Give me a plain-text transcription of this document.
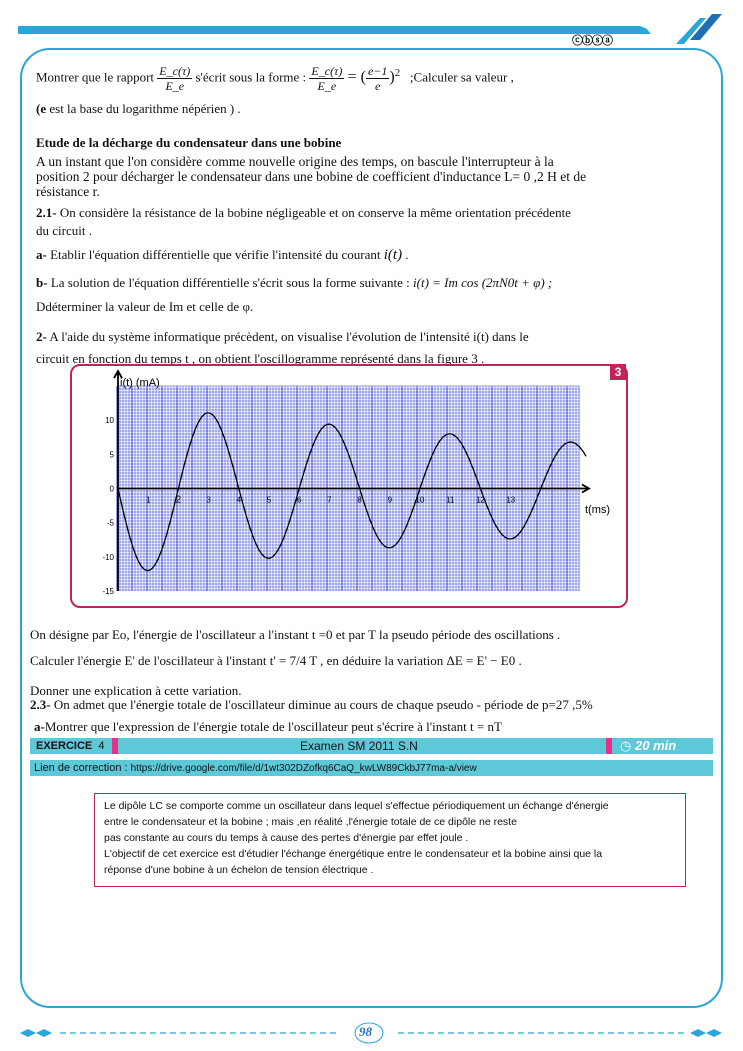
ⓒⓑⓢⓐ
Montrer que le rapport $\frac{E\_c(\tau)}{E\_e}$ s'écrit sous la forme : $\frac{E\_c(\tau)}{E\_e}$ = ( $\frac{e-1}{e} )^2$ ;Calculer sa valeur ,
(e est la base du logarithme népérien ) .
Etude de la décharge du condensateur dans une bobine
A un instant que l'on considère comme nouvelle origine des temps, on bascule l'interrupteur à la
position 2 pour décharger le condensateur dans une bobine de coefficient d'inductance L= 0 ,2 H et de
résistance r.
2.1- On considère la résistance de la bobine négligeable et on conserve la même orientation précédente
du circuit .
a- Etablir l'équation différentielle que vérifie l'intensité du courant i(t) .
b- La solution de l'équation différentielle s'écrit sous la forme suivante : i(t) = Im cos (2πN0t + φ) ;
Ddéterminer la valeur de Im et celle de φ.
2- A l'aide du système informatique précèdent, on visualise l'évolution de l'intensité i(t) dans le
circuit en fonction du temps t , on obtient l'oscillogramme représenté dans la figure 3 .
3
10
5
0
-5
-10
-15
1	2	3	4	5	6	7	8	9	10	11	12	13
i(t) (mA)
t(ms)
On désigne par Eo, l'énergie de l'oscillateur a l'instant t =0 et par T la pseudo période des oscillations .
Calculer l'énergie E' de l'oscillateur à l'instant t' = 7/4 T , en déduire la variation ΔE = E' − E0 .
Donner une explication à cette variation.
2.3- On admet que l'énergie totale de l'oscillateur diminue au cours de chaque pseudo - période de p=27 ,5%
a-Montrer que l'expression de l'énergie totale de l'oscillateur peut s'écrire à l'instant t = nT
EXERCICE 4	Examen SM 2011 S.N	◷ 20 min
Lien de correction : https://drive.google.com/file/d/1wt302DZofkq6CaQ_kwLW89CkbJ77ma-a/view
Le dipôle LC se comporte comme un oscillateur dans lequel s'effectue périodiquement un échange d'énergie
entre le condensateur et la bobine ; mais ,en réalité ,l'énergie totale de ce dipôle ne reste
pas constante au cours du temps à cause des pertes d'énergie par effet joule .
L'objectif de cet exercice est d'étudier l'échange énergétique entre le condensateur et la bobine ainsi que la
réponse d'une bobine à un échelon de tension électrique .
98
